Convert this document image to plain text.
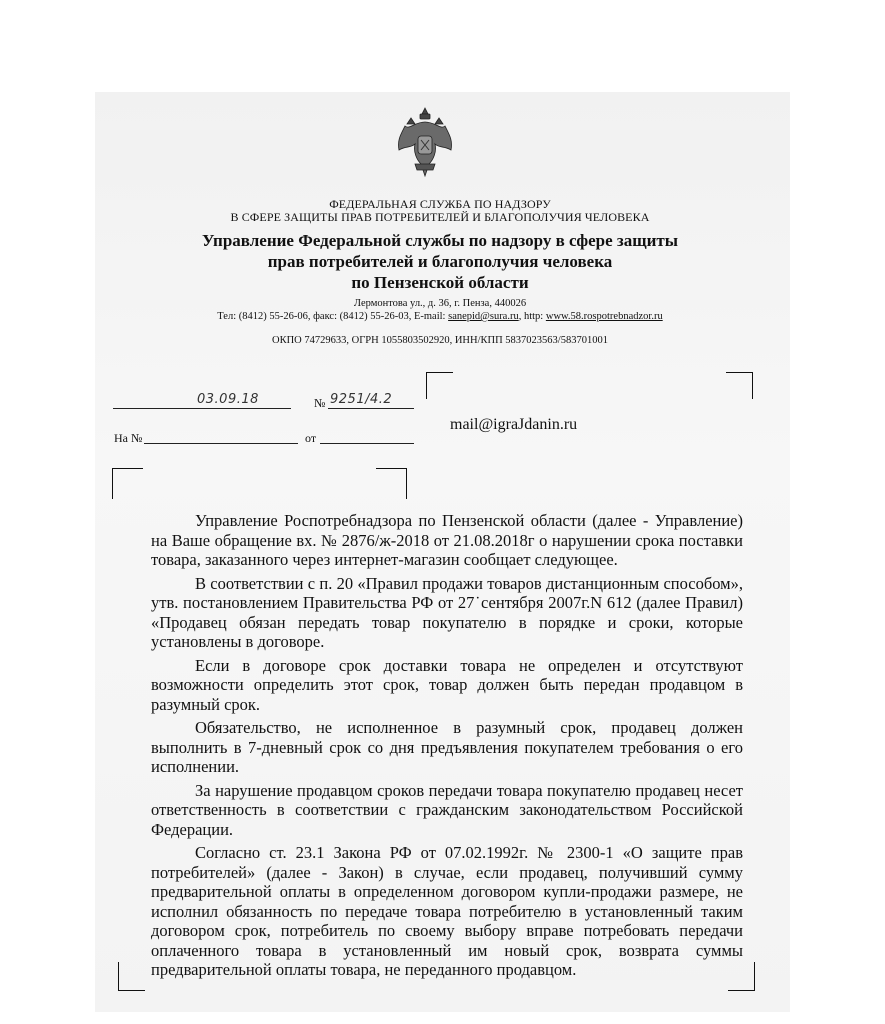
ФЕДЕРАЛЬНАЯ СЛУЖБА ПО НАДЗОРУ
В СФЕРЕ ЗАЩИТЫ ПРАВ ПОТРЕБИТЕЛЕЙ И БЛАГОПОЛУЧИЯ ЧЕЛОВЕКА
Управление Федеральной службы по надзору в сфере защиты
прав потребителей и благополучия человека
по Пензенской области
Лермонтова ул., д. 36, г. Пенза, 440026
Тел: (8412) 55-26-06, факс: (8412) 55-26-03, E-mail: sanepid@sura.ru, http: www.58.rospotrebnadzor.ru
ОКПО 74729633, ОГРН 1055803502920, ИНН/КПП 5837023563/583701001
03.09.18	№ 9251/4.2
На №	от
mail@igraJdanin.ru

Управление Роспотребнадзора по Пензенской области (далее - Управление) на Ваше обращение вх. № 2876/ж-2018 от 21.08.2018г о нарушении срока поставки товара, заказанного через интернет-магазин сообщает следующее.

В соответствии с п. 20 «Правил продажи товаров дистанционным способом», утв. постановлением Правительства РФ от 27˙сентября 2007г.N 612 (далее Правил) «Продавец обязан передать товар покупателю в порядке и сроки, которые установлены в договоре.

Если в договоре срок доставки товара не определен и отсутствуют возможности определить этот срок, товар должен быть передан продавцом в разумный срок.

Обязательство, не исполненное в разумный срок, продавец должен выполнить в 7-дневный срок со дня предъявления покупателем требования о его исполнении.

За нарушение продавцом сроков передачи товара покупателю продавец несет ответственность в соответствии с гражданским законодательством Российской Федерации.

Согласно ст. 23.1 Закона РФ от 07.02.1992г. № 2300-1 «О защите прав потребителей» (далее - Закон) в случае, если продавец, получивший сумму предварительной оплаты в определенном договором купли-продажи размере, не исполнил обязанность по передаче товара потребителю в установленный таким договором срок, потребитель по своему выбору вправе потребовать передачи оплаченного товара в установленный им новый срок, возврата суммы предварительной оплаты товара, не переданного продавцом.
